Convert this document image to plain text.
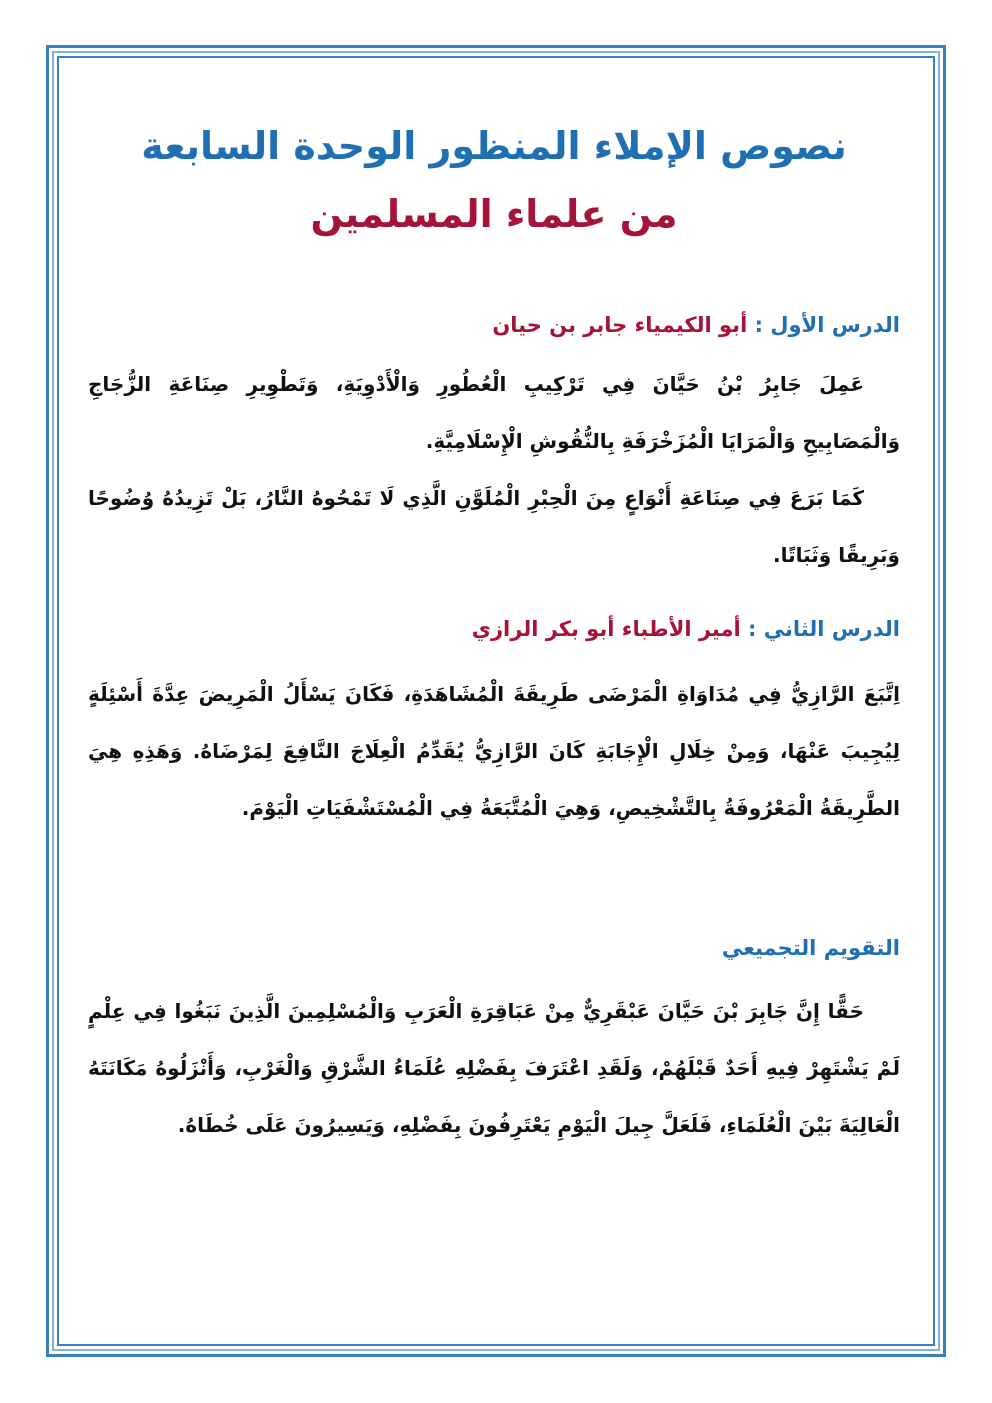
نصوص الإملاء المنظور الوحدة السابعة
من علماء المسلمين
الدرس الأول : أبو الكيمياء جابر بن حيان

عَمِلَ جَابِرُ بْنُ حَيَّانَ فِي تَرْكِيبِ الْعُطُورِ وَالْأَدْوِيَةِ، وَتَطْوِيرِ صِنَاعَةِ الزُّجَاجِ وَالْمَصَابِيحِ وَالْمَرَايَا الْمُزَخْرَفَةِ بِالنُّقُوشِ الْإِسْلَامِيَّةِ.

كَمَا بَرَعَ فِي صِنَاعَةِ أَنْوَاعٍ مِنَ الْحِبْرِ الْمُلَوَّنِ الَّذِي لَا تَمْحُوهُ النَّارُ، بَلْ تَزِيدُهُ وُضُوحًا وَبَرِيقًا وَثَبَاتًا.

الدرس الثاني : أمير الأطباء أبو بكر الرازي

اِتَّبَعَ الرَّازِيُّ فِي مُدَاوَاةِ الْمَرْضَى طَرِيقَةَ الْمُشَاهَدَةِ، فَكَانَ يَسْأَلُ الْمَرِيضَ عِدَّةَ أَسْئِلَةٍ لِيُجِيبَ عَنْهَا، وَمِنْ خِلَالِ الْإِجَابَةِ كَانَ الرَّازِيُّ يُقَدِّمُ الْعِلَاجَ النَّافِعَ لِمَرْضَاهُ. وَهَذِهِ هِيَ الطَّرِيقَةُ الْمَعْرُوفَةُ بِالتَّشْخِيصِ، وَهِيَ الْمُتَّبَعَةُ فِي الْمُسْتَشْفَيَاتِ الْيَوْمَ.

التقويم التجميعي

حَقًّا إِنَّ جَابِرَ بْنَ حَيَّانَ عَبْقَرِيٌّ مِنْ عَبَاقِرَةِ الْعَرَبِ وَالْمُسْلِمِينَ الَّذِينَ نَبَغُوا فِي عِلْمٍ لَمْ يَشْتَهِرْ فِيهِ أَحَدٌ قَبْلَهُمْ، وَلَقَدِ اعْتَرَفَ بِفَضْلِهِ عُلَمَاءُ الشَّرْقِ وَالْغَرْبِ، وَأَنْزَلُوهُ مَكَانَتَهُ الْعَالِيَةَ بَيْنَ الْعُلَمَاءِ، فَلَعَلَّ جِيلَ الْيَوْمِ يَعْتَرِفُونَ بِفَضْلِهِ، وَيَسِيرُونَ عَلَى خُطَاهُ.
